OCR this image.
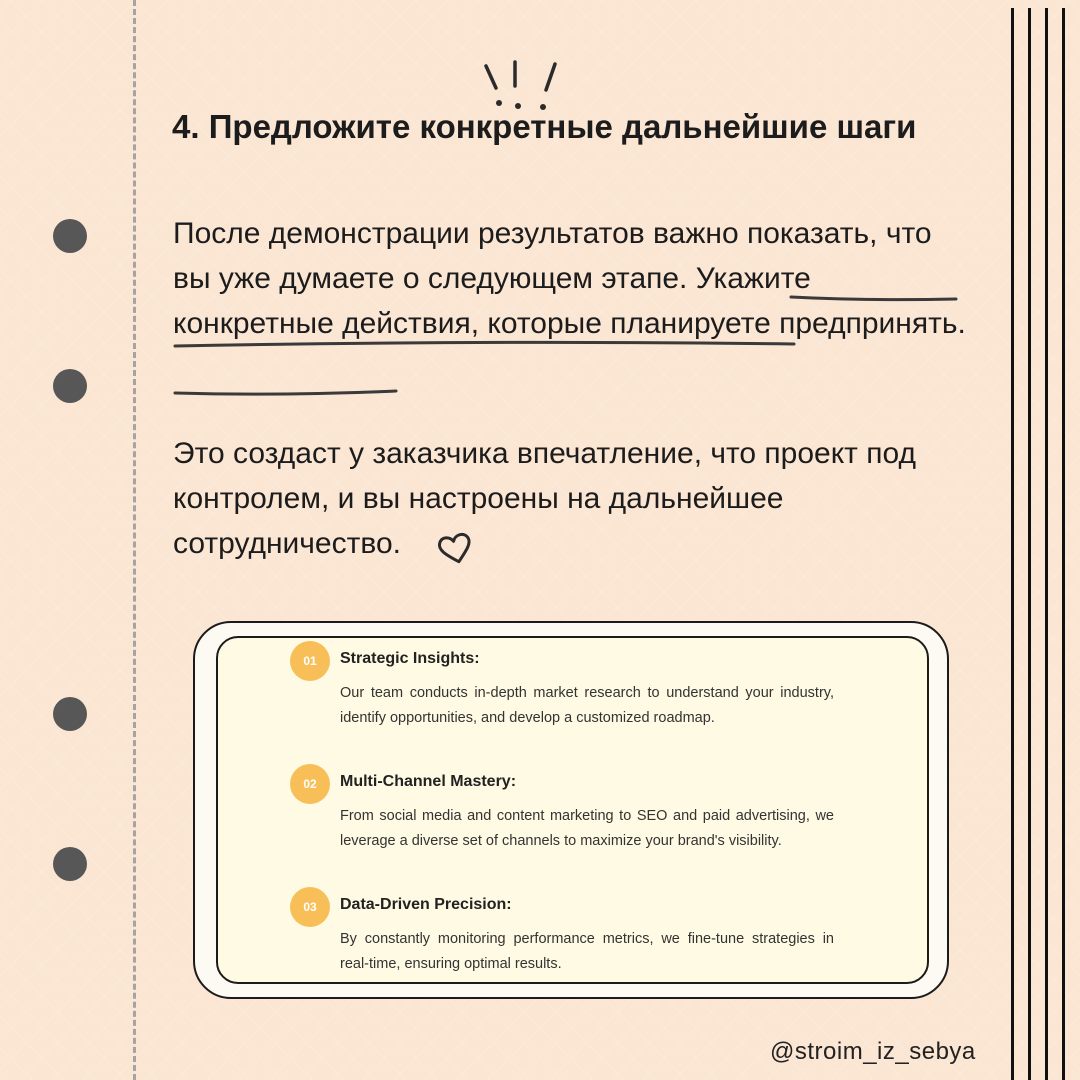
4. Предложите конкретные дальнейшие шаги

После демонстрации результатов важно показать, что вы уже думаете о следующем этапе. Укажите конкретные действия, которые планируете предпринять.

Это создаст у заказчика впечатление, что проект под контролем, и вы настроены на дальнейшее сотрудничество.

01	Strategic Insights:
Our team conducts in-depth market research to understand your industry, identify opportunities, and develop a customized roadmap.
02	Multi-Channel Mastery:
From social media and content marketing to SEO and paid advertising, we leverage a diverse set of channels to maximize your brand's visibility.
03	Data-Driven Precision:
By constantly monitoring performance metrics, we fine-tune strategies in real-time, ensuring optimal results.
@stroim_iz_sebya
